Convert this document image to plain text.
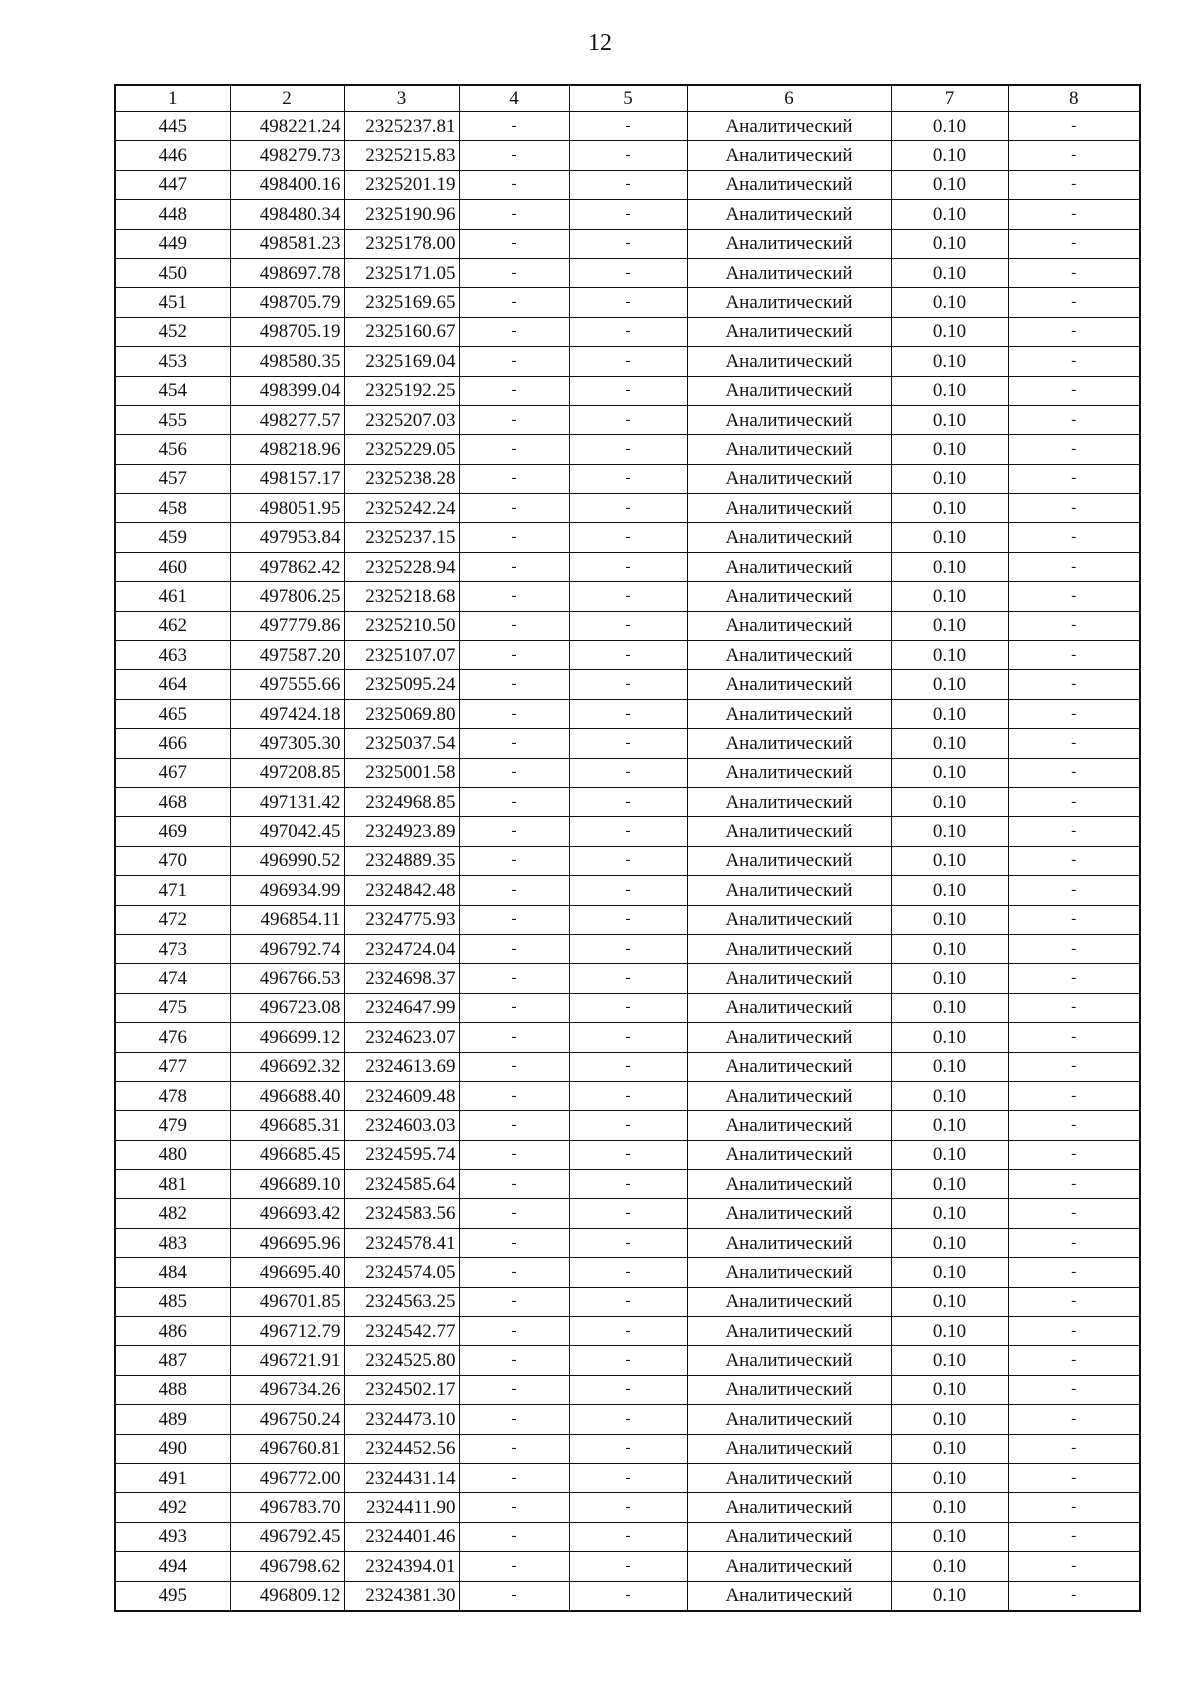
12
1	2	3	4	5	6	7	8
445	498221.24	2325237.81	-	-	Аналитический	0.10	-
446	498279.73	2325215.83	-	-	Аналитический	0.10	-
447	498400.16	2325201.19	-	-	Аналитический	0.10	-
448	498480.34	2325190.96	-	-	Аналитический	0.10	-
449	498581.23	2325178.00	-	-	Аналитический	0.10	-
450	498697.78	2325171.05	-	-	Аналитический	0.10	-
451	498705.79	2325169.65	-	-	Аналитический	0.10	-
452	498705.19	2325160.67	-	-	Аналитический	0.10	-
453	498580.35	2325169.04	-	-	Аналитический	0.10	-
454	498399.04	2325192.25	-	-	Аналитический	0.10	-
455	498277.57	2325207.03	-	-	Аналитический	0.10	-
456	498218.96	2325229.05	-	-	Аналитический	0.10	-
457	498157.17	2325238.28	-	-	Аналитический	0.10	-
458	498051.95	2325242.24	-	-	Аналитический	0.10	-
459	497953.84	2325237.15	-	-	Аналитический	0.10	-
460	497862.42	2325228.94	-	-	Аналитический	0.10	-
461	497806.25	2325218.68	-	-	Аналитический	0.10	-
462	497779.86	2325210.50	-	-	Аналитический	0.10	-
463	497587.20	2325107.07	-	-	Аналитический	0.10	-
464	497555.66	2325095.24	-	-	Аналитический	0.10	-
465	497424.18	2325069.80	-	-	Аналитический	0.10	-
466	497305.30	2325037.54	-	-	Аналитический	0.10	-
467	497208.85	2325001.58	-	-	Аналитический	0.10	-
468	497131.42	2324968.85	-	-	Аналитический	0.10	-
469	497042.45	2324923.89	-	-	Аналитический	0.10	-
470	496990.52	2324889.35	-	-	Аналитический	0.10	-
471	496934.99	2324842.48	-	-	Аналитический	0.10	-
472	496854.11	2324775.93	-	-	Аналитический	0.10	-
473	496792.74	2324724.04	-	-	Аналитический	0.10	-
474	496766.53	2324698.37	-	-	Аналитический	0.10	-
475	496723.08	2324647.99	-	-	Аналитический	0.10	-
476	496699.12	2324623.07	-	-	Аналитический	0.10	-
477	496692.32	2324613.69	-	-	Аналитический	0.10	-
478	496688.40	2324609.48	-	-	Аналитический	0.10	-
479	496685.31	2324603.03	-	-	Аналитический	0.10	-
480	496685.45	2324595.74	-	-	Аналитический	0.10	-
481	496689.10	2324585.64	-	-	Аналитический	0.10	-
482	496693.42	2324583.56	-	-	Аналитический	0.10	-
483	496695.96	2324578.41	-	-	Аналитический	0.10	-
484	496695.40	2324574.05	-	-	Аналитический	0.10	-
485	496701.85	2324563.25	-	-	Аналитический	0.10	-
486	496712.79	2324542.77	-	-	Аналитический	0.10	-
487	496721.91	2324525.80	-	-	Аналитический	0.10	-
488	496734.26	2324502.17	-	-	Аналитический	0.10	-
489	496750.24	2324473.10	-	-	Аналитический	0.10	-
490	496760.81	2324452.56	-	-	Аналитический	0.10	-
491	496772.00	2324431.14	-	-	Аналитический	0.10	-
492	496783.70	2324411.90	-	-	Аналитический	0.10	-
493	496792.45	2324401.46	-	-	Аналитический	0.10	-
494	496798.62	2324394.01	-	-	Аналитический	0.10	-
495	496809.12	2324381.30	-	-	Аналитический	0.10	-
